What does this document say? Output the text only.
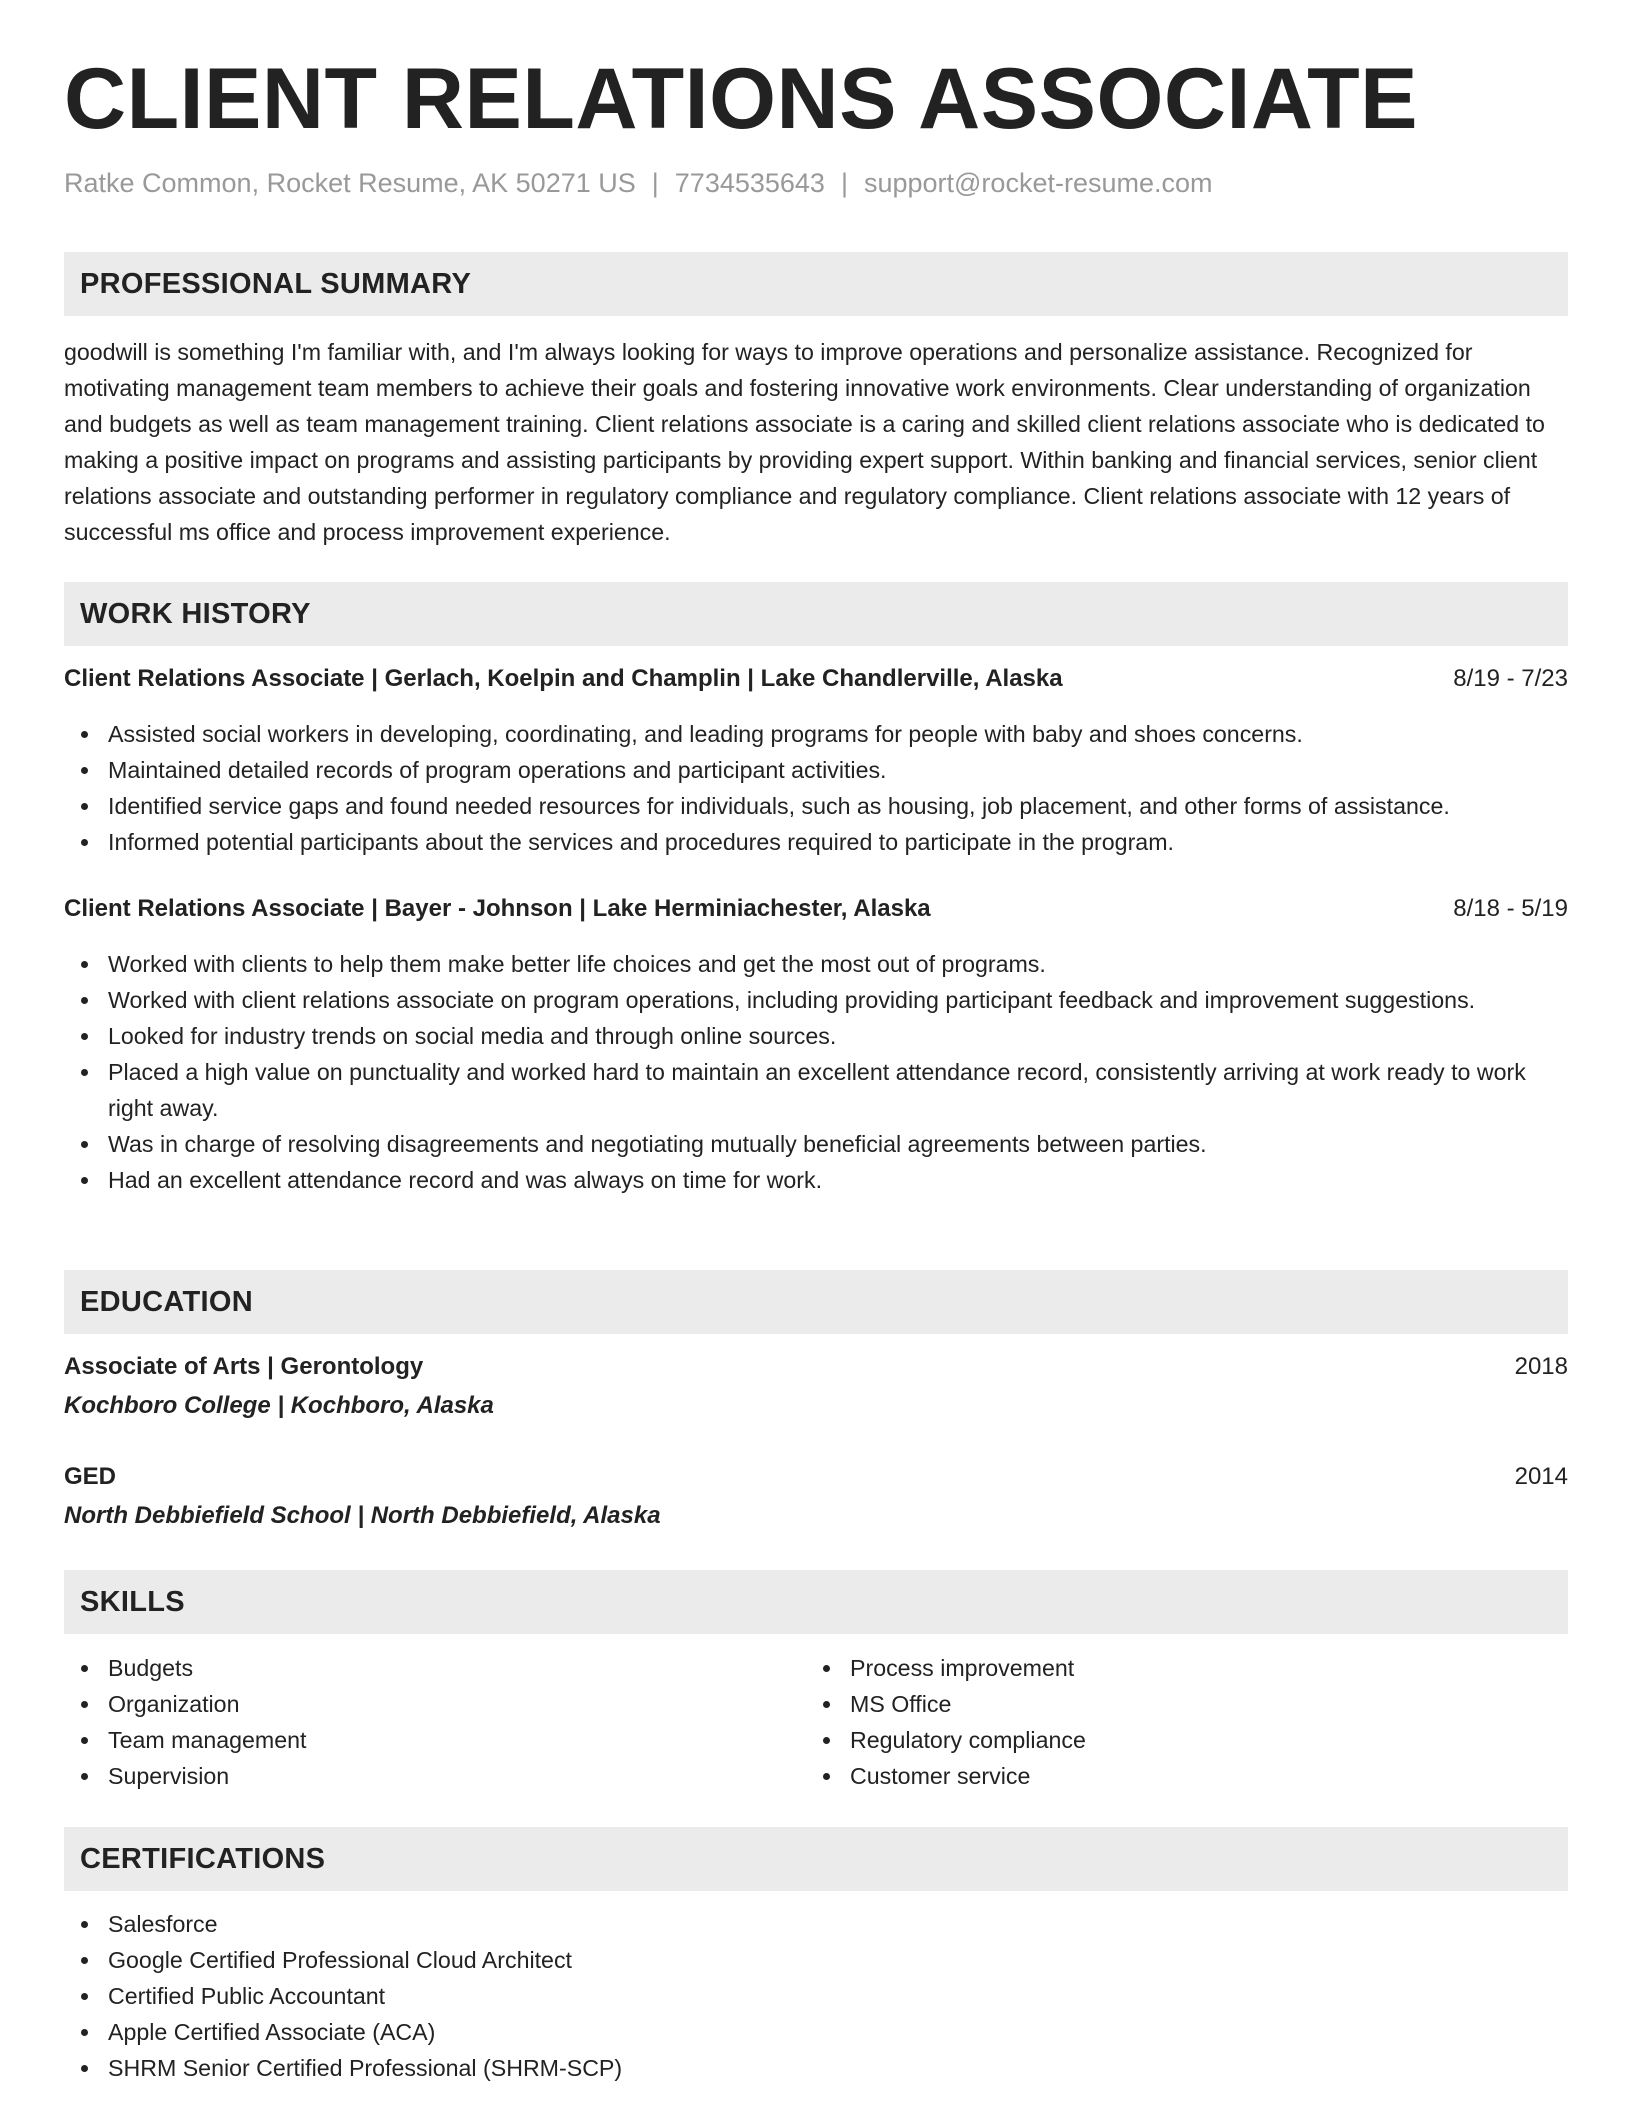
CLIENT RELATIONS ASSOCIATE
Ratke Common, Rocket Resume, AK 50271 US | 7734535643 | support@rocket-resume.com
PROFESSIONAL SUMMARY

goodwill is something I'm familiar with, and I'm always looking for ways to improve operations and personalize assistance. Recognized for motivating management team members to achieve their goals and fostering innovative work environments. Clear understanding of organization and budgets as well as team management training. Client relations associate is a caring and skilled client relations associate who is dedicated to making a positive impact on programs and assisting participants by providing expert support. Within banking and financial services, senior client relations associate and outstanding performer in regulatory compliance and regulatory compliance. Client relations associate with 12 years of successful ms office and process improvement experience.

WORK HISTORY
Client Relations Associate | Gerlach, Koelpin and Champlin | Lake Chandlerville, Alaska	8/19 - 7/23
Assisted social workers in developing, coordinating, and leading programs for people with baby and shoes concerns.
Maintained detailed records of program operations and participant activities.
Identified service gaps and found needed resources for individuals, such as housing, job placement, and other forms of assistance.
Informed potential participants about the services and procedures required to participate in the program.
Client Relations Associate | Bayer - Johnson | Lake Herminiachester, Alaska	8/18 - 5/19
Worked with clients to help them make better life choices and get the most out of programs.
Worked with client relations associate on program operations, including providing participant feedback and improvement suggestions.
Looked for industry trends on social media and through online sources.
Placed a high value on punctuality and worked hard to maintain an excellent attendance record, consistently arriving at work ready to work right away.
Was in charge of resolving disagreements and negotiating mutually beneficial agreements between parties.
Had an excellent attendance record and was always on time for work.
EDUCATION
Associate of Arts | Gerontology	2018
Kochboro College | Kochboro, Alaska
GED	2014
North Debbiefield School | North Debbiefield, Alaska
SKILLS
Budgets
Organization
Team management
Supervision
Process improvement
MS Office
Regulatory compliance
Customer service
CERTIFICATIONS
Salesforce
Google Certified Professional Cloud Architect
Certified Public Accountant
Apple Certified Associate (ACA)
SHRM Senior Certified Professional (SHRM-SCP)
